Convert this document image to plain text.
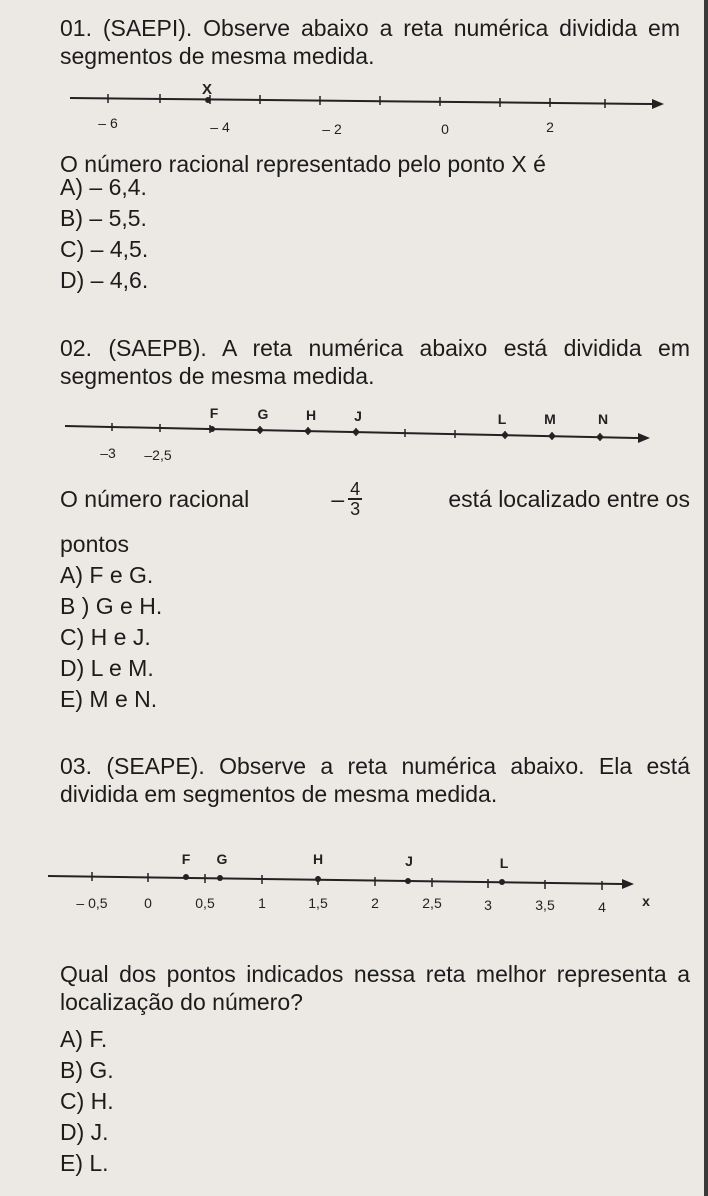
01. (SAEPI). Observe abaixo a reta numérica dividida em segmentos de mesma medida.

X
– 6	– 4	– 2	0	2

O número racional representado pelo ponto X é

A) – 6,4.

B) – 5,5.

C) – 4,5.

D) – 4,6.

02. (SAEPB). A reta numérica abaixo está dividida em segmentos de mesma medida.

F	G	H	J	L	M	N
–3 –2,5
O número racional	– $\frac{4}{3}$	está localizado entre os

pontos

A) F e G.

B ) G e H.

C) H e J.

D) L e M.

E) M e N.

03. (SEAPE). Observe a reta numérica abaixo. Ela está dividida em segmentos de mesma medida.

F G	H	J	L
– 0,5	0	0,5	1	1,5	2	2,5	3	3,5	4	x

Qual dos pontos indicados nessa reta melhor representa a localização do número?

A) F.

B) G.

C) H.

D) J.

E) L.
